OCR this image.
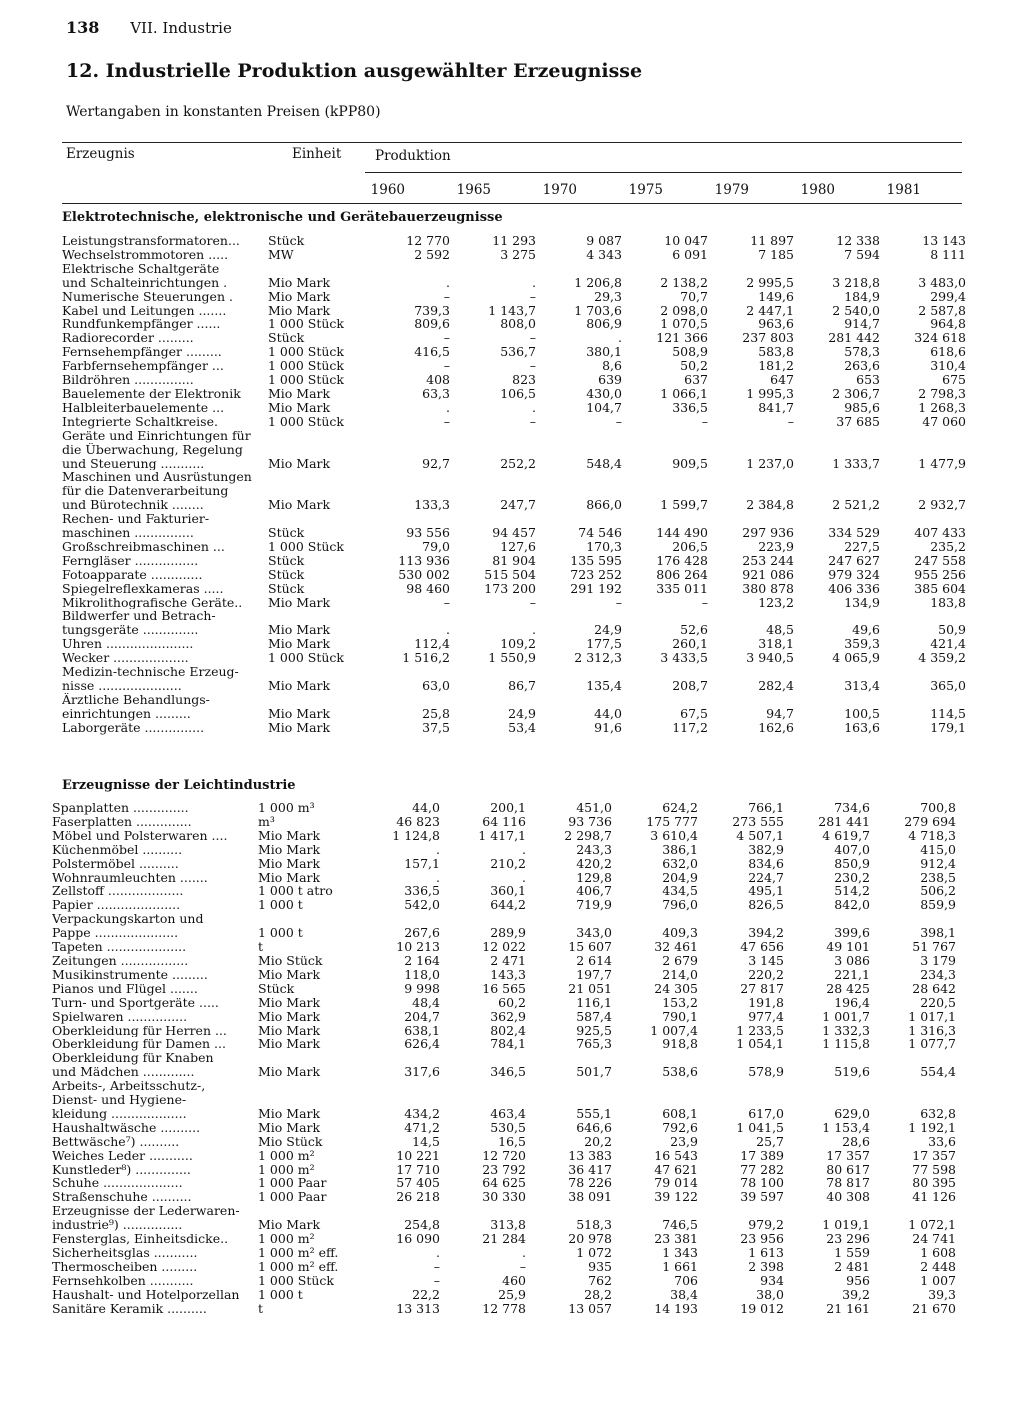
138 VII. Industrie
12. Industrielle Produktion ausgewählter Erzeugnisse
Wertangaben in konstanten Preisen (kPP80)
Erzeugnis	Einheit Produktion
1960	1965	1970	1975	1979	1980	1981
Elektrotechnische, elektronische und Gerätebauerzeugnisse
Leistungstransformatoren...	Stück	12 770	11 293	9 087	10 047	11 897	12 338	13 143
Wechselstrommotoren .....	MW	2 592	3 275	4 343	6 091	7 185	7 594	8 111
Elektrische Schaltgeräte								
und Schalteinrichtungen .	Mio Mark	.	.	1 206,8	2 138,2	2 995,5	3 218,8	3 483,0
Numerische Steuerungen .	Mio Mark	–	–	29,3	70,7	149,6	184,9	299,4
Kabel und Leitungen .......	Mio Mark	739,3	1 143,7	1 703,6	2 098,0	2 447,1	2 540,0	2 587,8
Rundfunkempfänger ......	1 000 Stück	809,6	808,0	806,9	1 070,5	963,6	914,7	964,8
Radiorecorder .........	Stück	–	–	.	121 366	237 803	281 442	324 618
Fernsehempfänger .........	1 000 Stück	416,5	536,7	380,1	508,9	583,8	578,3	618,6
Farbfernsehempfänger ...	1 000 Stück	–	–	8,6	50,2	181,2	263,6	310,4
Bildröhren ...............	1 000 Stück	408	823	639	637	647	653	675
Bauelemente der Elektronik	Mio Mark	63,3	106,5	430,0	1 066,1	1 995,3	2 306,7	2 798,3
Halbleiterbauelemente ...	Mio Mark	.	.	104,7	336,5	841,7	985,6	1 268,3
Integrierte Schaltkreise.	1 000 Stück	–	–	–	–	–	37 685	47 060
Geräte und Einrichtungen für								
die Überwachung, Regelung								
und Steuerung ...........	Mio Mark	92,7	252,2	548,4	909,5	1 237,0	1 333,7	1 477,9
Maschinen und Ausrüstungen								
für die Datenverarbeitung								
und Bürotechnik ........	Mio Mark	133,3	247,7	866,0	1 599,7	2 384,8	2 521,2	2 932,7
Rechen- und Fakturier-								
maschinen ...............	Stück	93 556	94 457	74 546	144 490	297 936	334 529	407 433
Großschreibmaschinen ...	1 000 Stück	79,0	127,6	170,3	206,5	223,9	227,5	235,2
Ferngläser ................	Stück	113 936	81 904	135 595	176 428	253 244	247 627	247 558
Fotoapparate .............	Stück	530 002	515 504	723 252	806 264	921 086	979 324	955 256
Spiegelreflexkameras .....	Stück	98 460	173 200	291 192	335 011	380 878	406 336	385 604
Mikrolithografische Geräte..	Mio Mark	–	–	–	–	123,2	134,9	183,8
Bildwerfer und Betrach-								
tungsgeräte ..............	Mio Mark	.	.	24,9	52,6	48,5	49,6	50,9
Uhren ......................	Mio Mark	112,4	109,2	177,5	260,1	318,1	359,3	421,4
Wecker ...................	1 000 Stück	1 516,2	1 550,9	2 312,3	3 433,5	3 940,5	4 065,9	4 359,2
Medizin-technische Erzeug-								
nisse .....................	Mio Mark	63,0	86,7	135,4	208,7	282,4	313,4	365,0
Ärztliche Behandlungs-								
einrichtungen .........	Mio Mark	25,8	24,9	44,0	67,5	94,7	100,5	114,5
Laborgeräte ...............	Mio Mark	37,5	53,4	91,6	117,2	162,6	163,6	179,1
Erzeugnisse der Leichtindustrie
Spanplatten ..............	1 000 m³	44,0	200,1	451,0	624,2	766,1	734,6	700,8
Faserplatten ..............	m³	46 823	64 116	93 736	175 777	273 555	281 441	279 694
Möbel und Polsterwaren ....	Mio Mark	1 124,8	1 417,1	2 298,7	3 610,4	4 507,1	4 619,7	4 718,3
Küchenmöbel ..........	Mio Mark	.	.	243,3	386,1	382,9	407,0	415,0
Polstermöbel ..........	Mio Mark	157,1	210,2	420,2	632,0	834,6	850,9	912,4
Wohnraumleuchten .......	Mio Mark	.	.	129,8	204,9	224,7	230,2	238,5
Zellstoff ...................	1 000 t atro	336,5	360,1	406,7	434,5	495,1	514,2	506,2
Papier .....................	1 000 t	542,0	644,2	719,9	796,0	826,5	842,0	859,9
Verpackungskarton und								
Pappe .....................	1 000 t	267,6	289,9	343,0	409,3	394,2	399,6	398,1
Tapeten ....................	t	10 213	12 022	15 607	32 461	47 656	49 101	51 767
Zeitungen .................	Mio Stück	2 164	2 471	2 614	2 679	3 145	3 086	3 179
Musikinstrumente .........	Mio Mark	118,0	143,3	197,7	214,0	220,2	221,1	234,3
Pianos und Flügel .......	Stück	9 998	16 565	21 051	24 305	27 817	28 425	28 642
Turn- und Sportgeräte .....	Mio Mark	48,4	60,2	116,1	153,2	191,8	196,4	220,5
Spielwaren ...............	Mio Mark	204,7	362,9	587,4	790,1	977,4	1 001,7	1 017,1
Oberkleidung für Herren ...	Mio Mark	638,1	802,4	925,5	1 007,4	1 233,5	1 332,3	1 316,3
Oberkleidung für Damen ...	Mio Mark	626,4	784,1	765,3	918,8	1 054,1	1 115,8	1 077,7
Oberkleidung für Knaben								
und Mädchen .............	Mio Mark	317,6	346,5	501,7	538,6	578,9	519,6	554,4
Arbeits-, Arbeitsschutz-,								
Dienst- und Hygiene-								
kleidung ...................	Mio Mark	434,2	463,4	555,1	608,1	617,0	629,0	632,8
Haushaltwäsche ..........	Mio Mark	471,2	530,5	646,6	792,6	1 041,5	1 153,4	1 192,1
Bettwäsche⁷) ..........	Mio Stück	14,5	16,5	20,2	23,9	25,7	28,6	33,6
Weiches Leder ...........	1 000 m²	10 221	12 720	13 383	16 543	17 389	17 357	17 357
Kunstleder⁸) ..............	1 000 m²	17 710	23 792	36 417	47 621	77 282	80 617	77 598
Schuhe ....................	1 000 Paar	57 405	64 625	78 226	79 014	78 100	78 817	80 395
Straßenschuhe ..........	1 000 Paar	26 218	30 330	38 091	39 122	39 597	40 308	41 126
Erzeugnisse der Lederwaren-								
industrie⁹) ...............	Mio Mark	254,8	313,8	518,3	746,5	979,2	1 019,1	1 072,1
Fensterglas, Einheitsdicke..	1 000 m²	16 090	21 284	20 978	23 381	23 956	23 296	24 741
Sicherheitsglas ...........	1 000 m² eff.	.	.	1 072	1 343	1 613	1 559	1 608
Thermoscheiben .........	1 000 m² eff.	–	–	935	1 661	2 398	2 481	2 448
Fernsehkolben ...........	1 000 Stück	–	460	762	706	934	956	1 007
Haushalt- und Hotelporzellan	1 000 t	22,2	25,9	28,2	38,4	38,0	39,2	39,3
Sanitäre Keramik ..........	t	13 313	12 778	13 057	14 193	19 012	21 161	21 670
